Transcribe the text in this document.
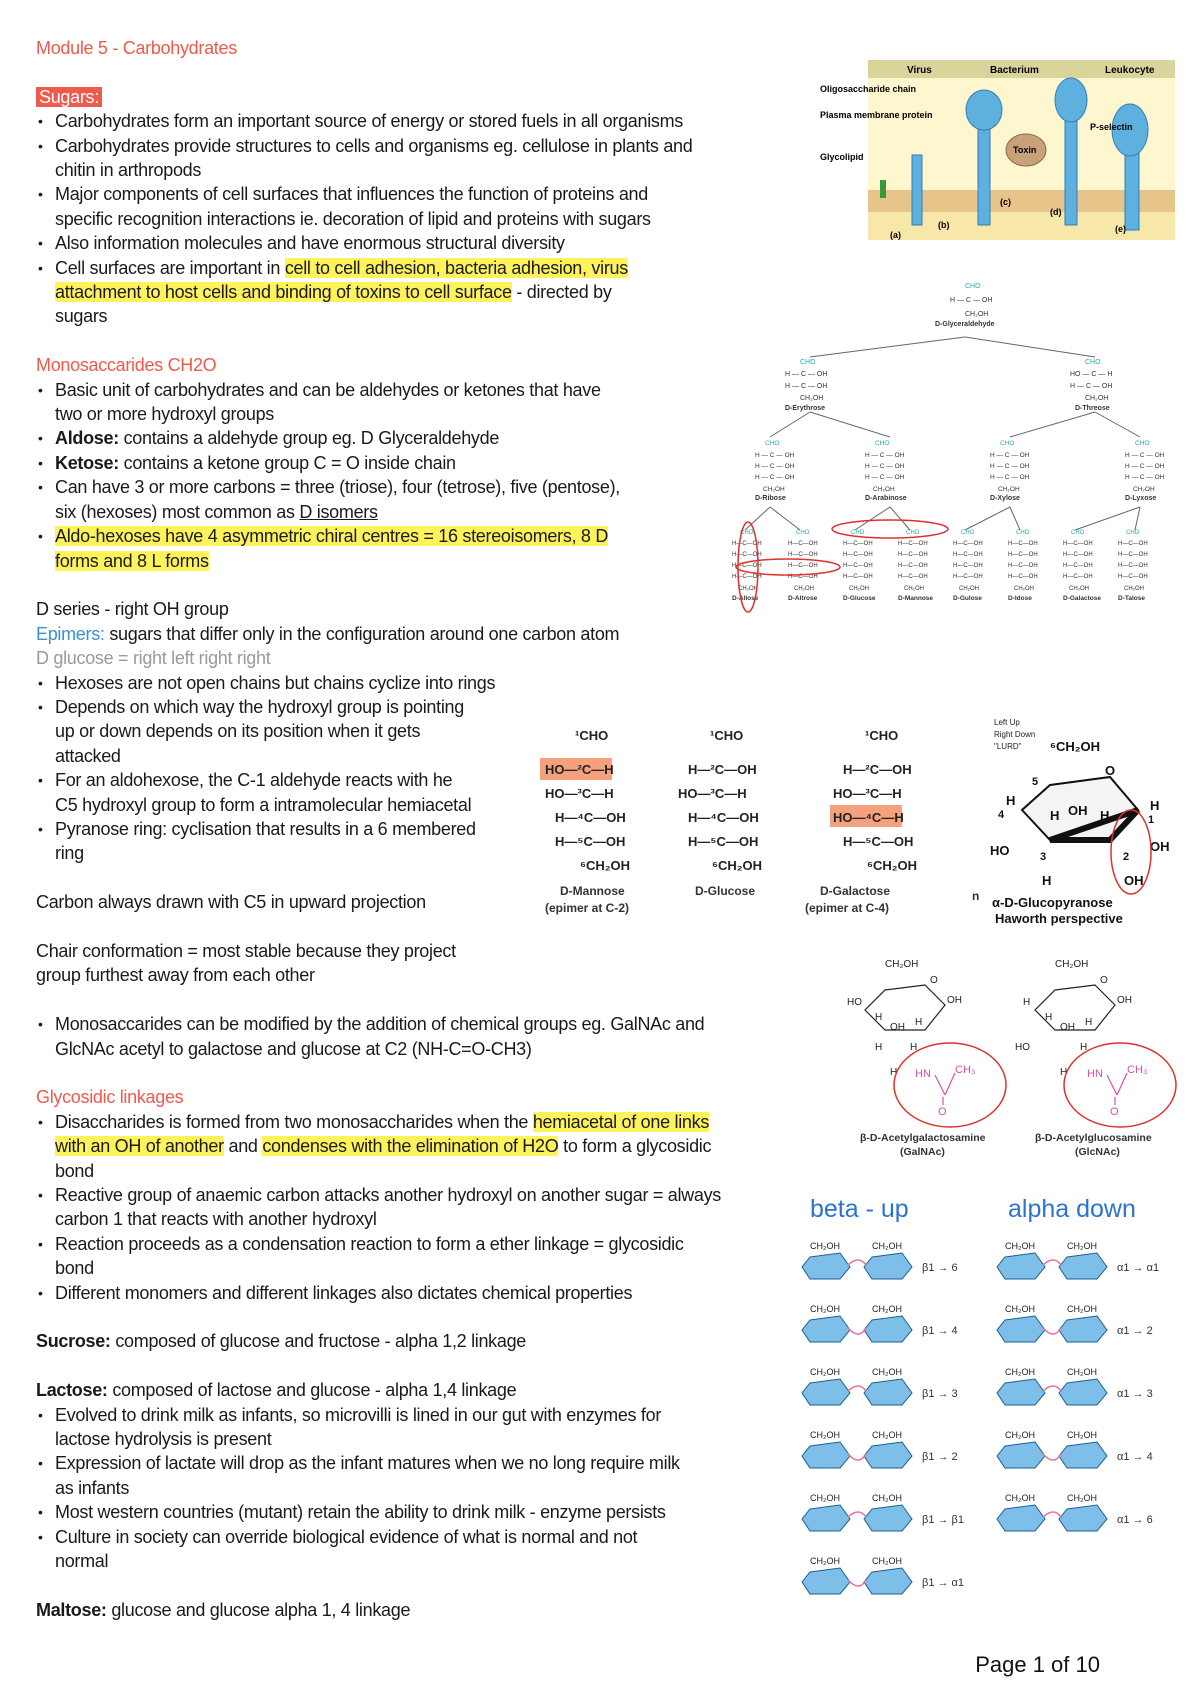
Module 5 - Carbohydrates
Sugars:
• Carbohydrates form an important source of energy or stored fuels in all organisms
• Carbohydrates provide structures to cells and organisms eg. cellulose in plants and
chitin in arthropods
• Major components of cell surfaces that influences the function of proteins and
specific recognition interactions ie. decoration of lipid and proteins with sugars
• Also information molecules and have enormous structural diversity
• Cell surfaces are important in cell to cell adhesion, bacteria adhesion, virus
attachment to host cells and binding of toxins to cell surface - directed by
sugars
Monosaccarides CH2O
• Basic unit of carbohydrates and can be aldehydes or ketones that have
two or more hydroxyl groups
• Aldose: contains a aldehyde group eg. D Glyceraldehyde
• Ketose: contains a ketone group C = O inside chain
• Can have 3 or more carbons = three (triose), four (tetrose), five (pentose),
six (hexoses) most common as D isomers
• Aldo-hexoses have 4 asymmetric chiral centres = 16 stereoisomers, 8 D
forms and 8 L forms
D series - right OH group
Epimers: sugars that differ only in the configuration around one carbon atom
D glucose = right left right right
• Hexoses are not open chains but chains cyclize into rings
• Depends on which way the hydroxyl group is pointing
up or down depends on its position when it gets
attacked
• For an aldohexose, the C-1 aldehyde reacts with he
C5 hydroxyl group to form a intramolecular hemiacetal
• Pyranose ring: cyclisation that results in a 6 membered
ring
Carbon always drawn with C5 in upward projection
Chair conformation = most stable because they project
group furthest away from each other
• Monosaccarides can be modified by the addition of chemical groups eg. GalNAc and
GlcNAc acetyl to galactose and glucose at C2 (NH-C=O-CH3)
Glycosidic linkages
• Disaccharides is formed from two monosaccharides when the hemiacetal of one links
with an OH of another and condenses with the elimination of H2O to form a glycosidic
bond
• Reactive group of anaemic carbon attacks another hydroxyl on another sugar = always
carbon 1 that reacts with another hydroxyl
• Reaction proceeds as a condensation reaction to form a ether linkage = glycosidic
bond
• Different monomers and different linkages also dictates chemical properties
Sucrose: composed of glucose and fructose - alpha 1,2 linkage
Lactose: composed of lactose and glucose - alpha 1,4 linkage
• Evolved to drink milk as infants, so microvilli is lined in our gut with enzymes for
lactose hydrolysis is present
• Expression of lactate will drop as the infant matures when we no long require milk
as infants
• Most western countries (mutant) retain the ability to drink milk - enzyme persists
• Culture in society can override biological evidence of what is normal and not
normal
Maltose: glucose and glucose alpha 1, 4 linkage
Virus	Bacterium	Leukocyte
Oligosaccharide chain
Plasma membrane protein
Glycolipid
Toxin
P-selectin
(a)
(b)
(c)
(d)
(e)
CHO
H — C — OH
CH₂OH
CHO
H — C — OH
H — C — OH
CH₂OH
CHO
HO — C — H
H — C — OH
CH₂OH
D-Glyceraldehyde
D-Erythrose	D-Threose
D-Ribose	D-Arabinose	D-Xylose	D-Lyxose
CHO
H — C — OH
H — C — OH
H — C — OH
CH₂OH
CHO
H — C — OH
H — C — OH
H — C — OH
CH₂OH
CHO
H — C — OH
H — C — OH
H — C — OH
CH₂OH
CHO
H — C — OH
H — C — OH
H — C — OH
CH₂OH
CHO
H—C—OH
H—C—OH
H—C—OH
H—C—OH
CH₂OH
CHO
H—C—OH
H—C—OH
H—C—OH
H—C—OH
CH₂OH
CHO
H—C—OH
H—C—OH
H—C—OH
H—C—OH
CH₂OH
CHO
H—C—OH
H—C—OH
H—C—OH
H—C—OH
CH₂OH
CHO
H—C—OH
H—C—OH
H—C—OH
H—C—OH
CH₂OH
CHO
H—C—OH
H—C—OH
H—C—OH
H—C—OH
CH₂OH
CHO
H—C—OH
H—C—OH
H—C—OH
H—C—OH
CH₂OH
CHO
H—C—OH
H—C—OH
H—C—OH
H—C—OH
CH₂OH
D-Allose	D-Altrose	D-Glucose	D-Mannose	D-Gulose	D-Idose	D-Galactose	D-Talose
¹CHO
HO—²C—H
HO—³C—H
H—⁴C—OH
H—⁵C—OH
⁶CH₂OH
¹CHO
H—²C—OH
HO—³C—H
H—⁴C—OH
H—⁵C—OH
⁶CH₂OH
¹CHO
H—²C—OH
HO—³C—H
HO—⁴C—H
H—⁵C—OH
⁶CH₂OH
D-Mannose
(epimer at C-2)
D-Glucose	D-Galactose
(epimer at C-4)
n
Left Up
Right Down
"LURD" ⁶CH₂OH
5
O
H
4	H OH H
H
1
HO	OH
3	2
H	OH
α-D-Glucopyranose
Haworth perspective
CH₂OH
O
HO	OH
H
OH H
H	H
H
CH₂OH
O
H	OH
H
OH H
HO	H
H
HN CH₃
O
HN CH₃
O
β-D-Acetylgalactosamine
(GalNAc)
β-D-Acetylglucosamine
(GlcNAc)
beta - up	alpha down
CH₂OH	CH₂OH
β1 → 6
CH₂OH	CH₂OH
β1 → 4
CH₂OH	CH₂OH
β1 → 3
CH₂OH	CH₂OH
β1 → 2
CH₂OH	CH₂OH
β1 → β1
CH₂OH	CH₂OH
β1 → α1
CH₂OH	CH₂OH
α1 → α1
CH₂OH	CH₂OH
α1 → 2
CH₂OH	CH₂OH
α1 → 3
CH₂OH	CH₂OH
α1 → 4
CH₂OH	CH₂OH
α1 → 6
Page 1 of 10
